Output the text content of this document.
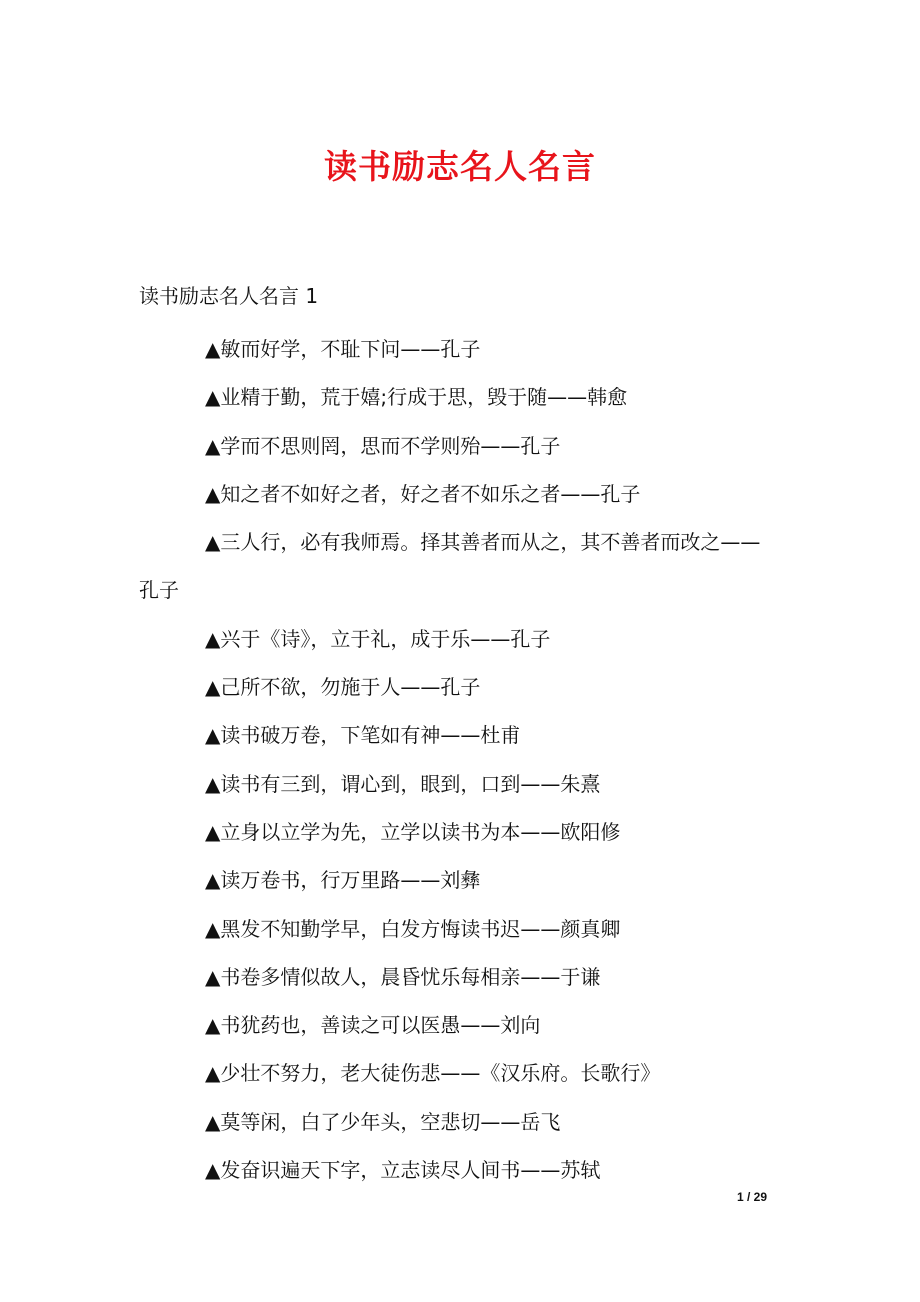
读书励志名人名言
读书励志名人名言 1
▲敏而好学，不耻下问——孔子
▲业精于勤，荒于嬉;行成于思，毁于随——韩愈
▲学而不思则罔，思而不学则殆——孔子
▲知之者不如好之者，好之者不如乐之者——孔子
▲三人行，必有我师焉。择其善者而从之，其不善者而改之——孔子
▲兴于《诗》，立于礼，成于乐——孔子
▲己所不欲，勿施于人——孔子
▲读书破万卷，下笔如有神——杜甫
▲读书有三到，谓心到，眼到，口到——朱熹
▲立身以立学为先，立学以读书为本——欧阳修
▲读万卷书，行万里路——刘彝
▲黑发不知勤学早，白发方悔读书迟——颜真卿
▲书卷多情似故人，晨昏忧乐每相亲——于谦
▲书犹药也，善读之可以医愚——刘向
▲少壮不努力，老大徒伤悲——《汉乐府。长歌行》
▲莫等闲，白了少年头，空悲切——岳飞
▲发奋识遍天下字，立志读尽人间书——苏轼
1 / 29
